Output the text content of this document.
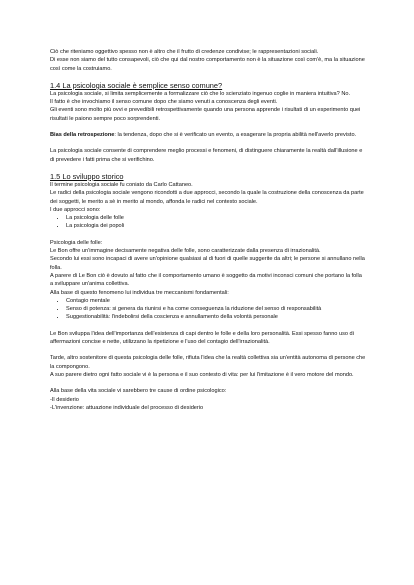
Ciò che riteniamo oggettivo spesso non è altro che il frutto di credenze condivise; le rappresentazioni sociali.

Di esse non siamo del tutto consapevoli, ciò che qui dal nostro comportamento non è la situazione così com'è, ma la situazione così come la costruiamo.

1.4 La psicologia sociale è semplice senso comune?

La psicologia sociale, si limita semplicemente a formalizzare ciò che lo scienziato ingenuo coglie in maniera intuitiva? No.

Il fatto è che invochiamo il senso comune dopo che siamo venuti a conoscenza degli eventi.

Gli eventi sono molto più ovvi e prevedibili retrospettivamente quando una persona apprende i risultati di un esperimento quei risultati le paiono sempre poco sorprendenti.

Bias della retrospezione: la tendenza, dopo che si è verificato un evento, a esagerare la propria abilità nell'averlo previsto.

La psicologia sociale consente di comprendere meglio processi e fenomeni, di distinguere chiaramente la realtà dall'illusione e di prevedere i fatti prima che si verifichino.

1.5 Lo sviluppo storico

Il termine psicologia sociale fu coniato da Carlo Cattaneo.

Le radici della psicologia sociale vengono ricondotti a due approcci, secondo la quale la costruzione della conoscenza da parte dei soggetti, le merito a sè in merito al mondo, affonda le radici nel contesto sociale.

I due approcci sono:

• La psicologia delle folle
• La psicologia dei popoli

Psicologia delle folle:

Le Bon offre un'immagine decisamente negativa delle folle, sono caratterizzate dalla presenza di irrazionalità.

Secondo lui essi sono incapaci di avere un'opinione qualsiasi al di fuori di quelle suggerite da altri; le persone si annullano nella folla.

A parere di Le Bon ciò è dovuto al fatto che il comportamento umano è soggetto da motivi inconsci comuni che portano la folla a sviluppare un'anima collettiva.

Alla base di questo fenomeno lui individua tre meccanismi fondamentali:

• Contagio mentale
• Senso di potenza: si genera da riunirsi e ha come conseguenza la riduzione del senso di responsabilità
• Suggestionabilità: l'indebolirsi della coscienza e annullamento della volontà personale

Le Bon sviluppa l'idea dell'importanza dell'esistenza di capi dentro le folle e della loro personalità. Essi spesso fanno uso di affermazioni concise e nette, utilizzano la ripetizione e l'uso del contagio dell'irrazionalità.

Tarde, altro sostenitore di questa psicologia delle folle, rifiuta l'idea che la realtà collettiva sia un'entità autonoma di persone che la compongono.

A suo parere dietro ogni fatto sociale vi è la persona e il suo contesto di vita: per lui l'imitazione è il vero motore del mondo.

Alla base della vita sociale vi sarebbero tre cause di ordine psicologico:

-Il desiderio

-L'invenzione: attuazione individuale del processo di desiderio
